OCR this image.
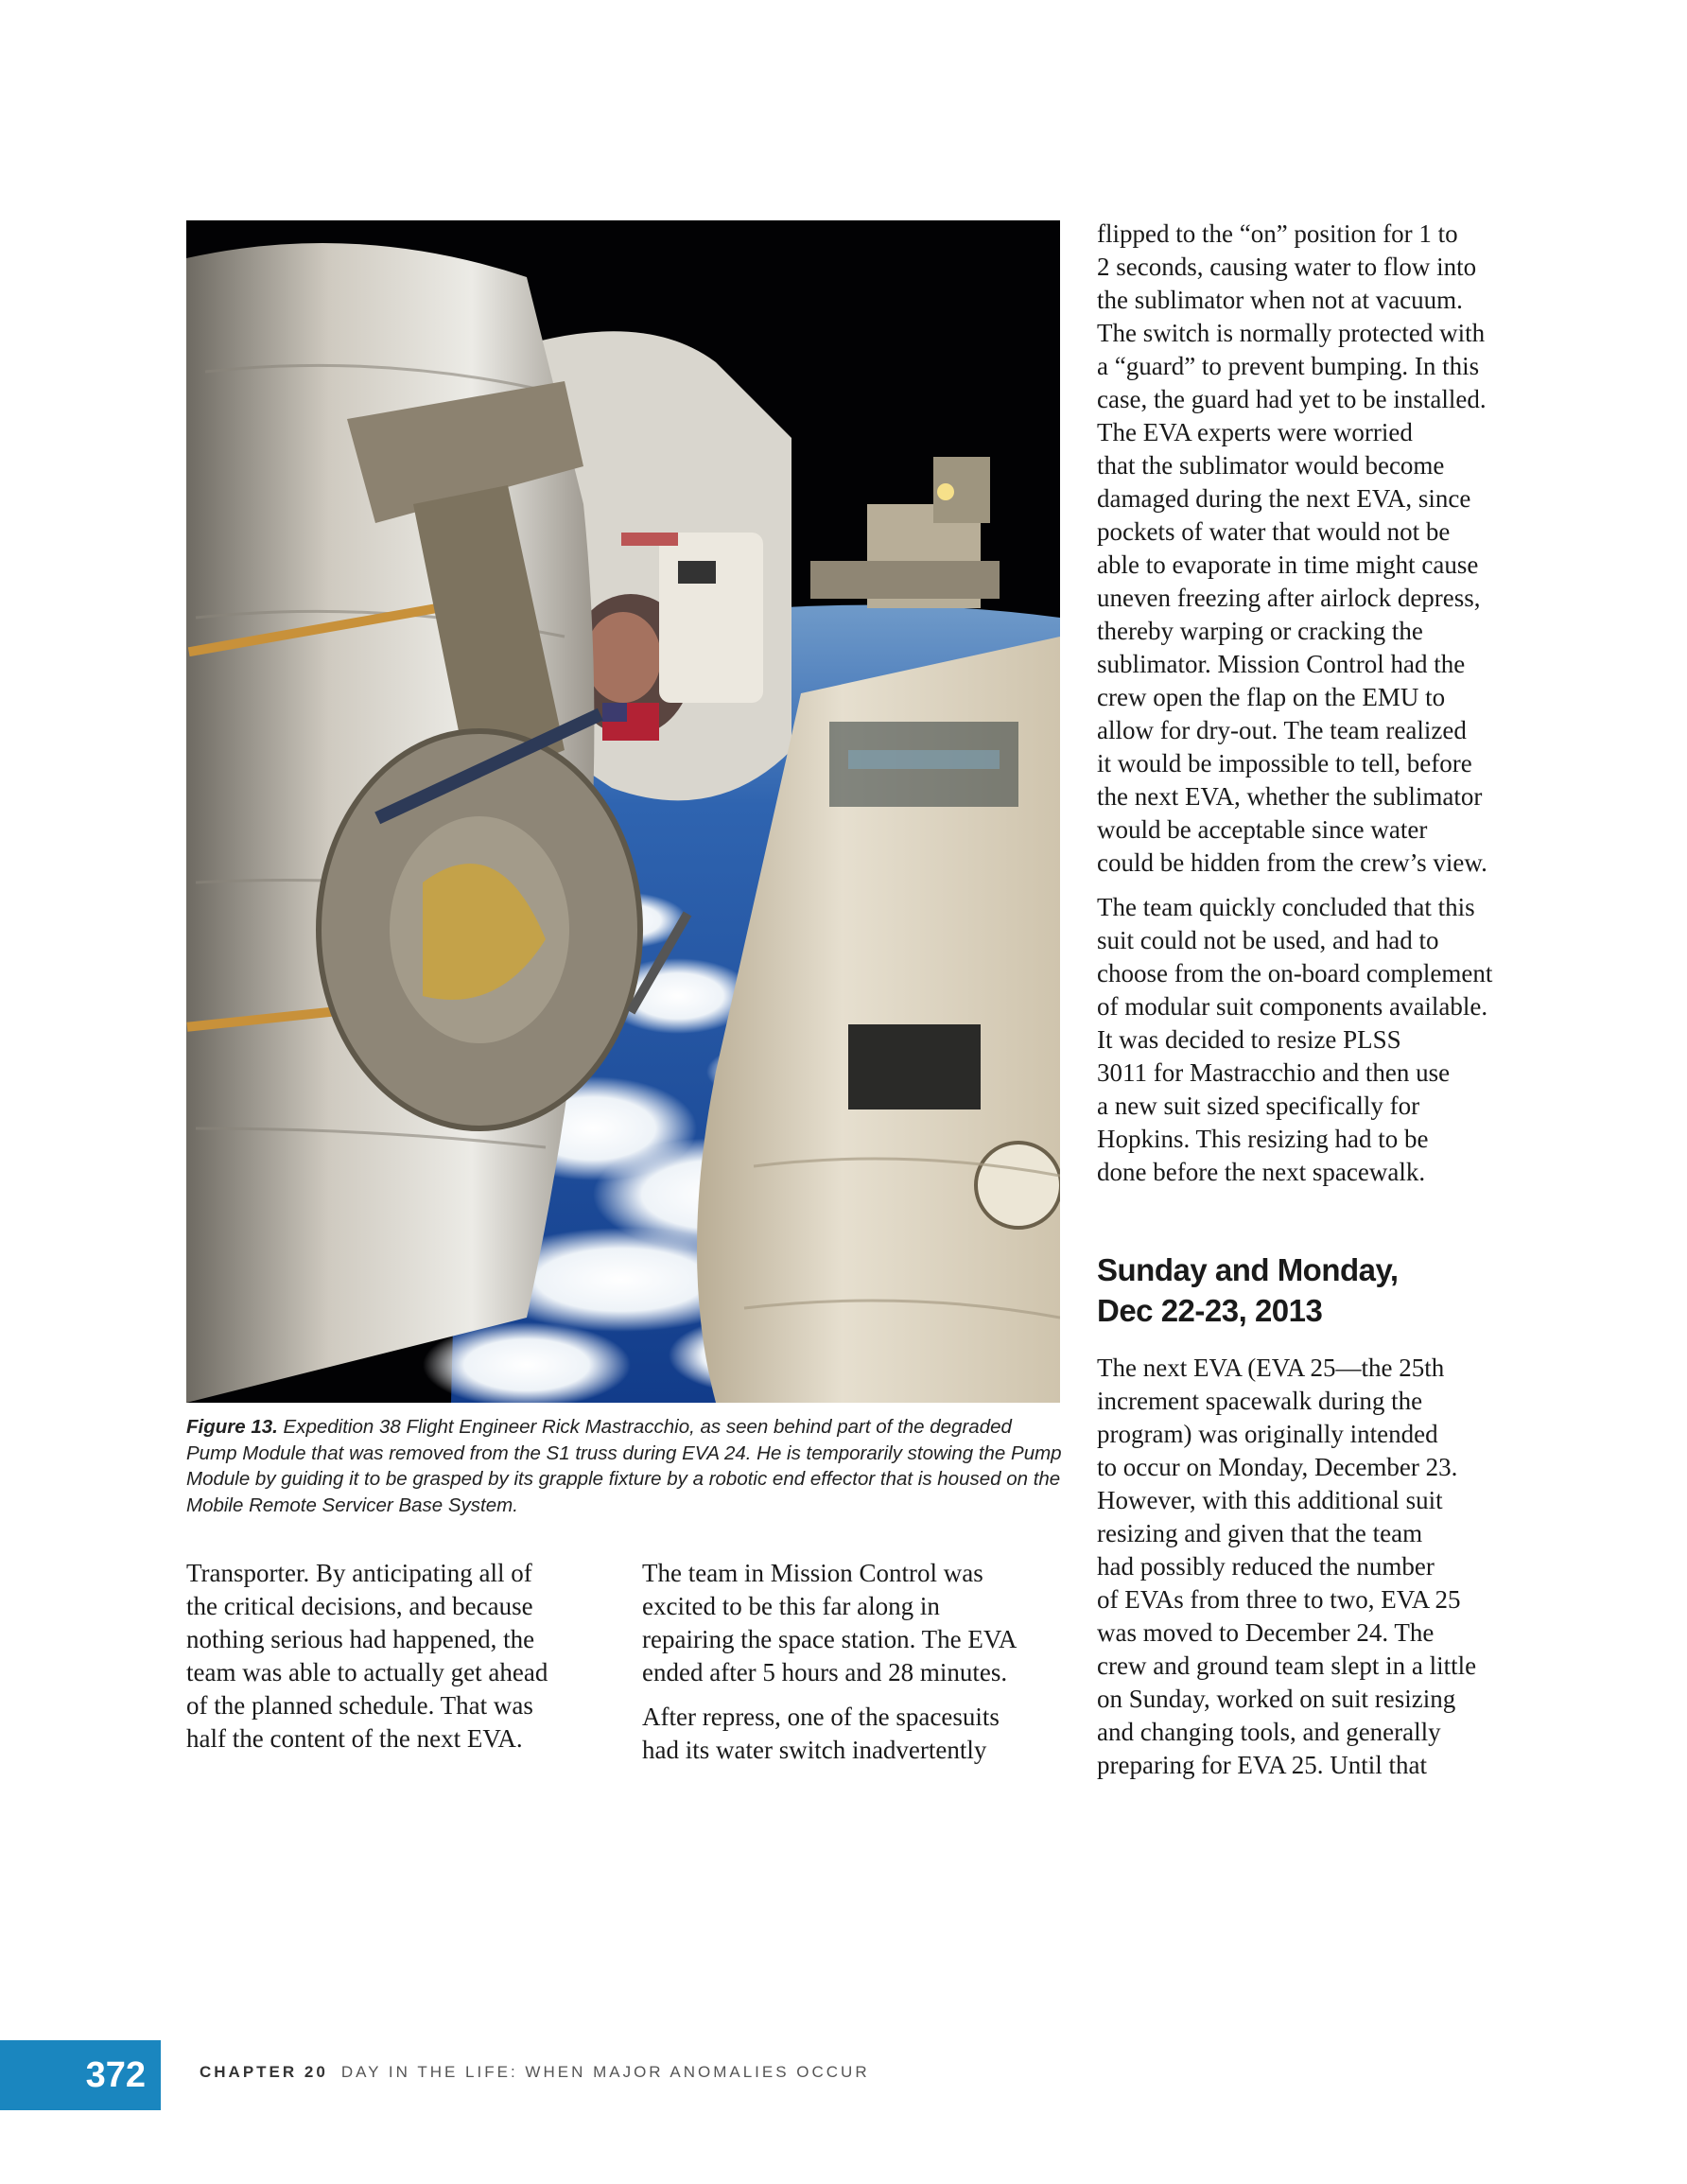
Figure 13. Expedition 38 Flight Engineer Rick Mastracchio, as seen behind part of the degraded Pump Module that was removed from the S1 truss during EVA 24. He is temporarily stowing the Pump Module by guiding it to be grasped by its grapple fixture by a robotic end effector that is housed on the Mobile Remote Servicer Base System.

Transporter. By anticipating all of
the critical decisions, and because
nothing serious had happened, the
team was able to actually get ahead
of the planned schedule. That was
half the content of the next EVA.

The team in Mission Control was
excited to be this far along in
repairing the space station. The EVA
ended after 5 hours and 28 minutes.

After repress, one of the spacesuits
had its water switch inadvertently

flipped to the “on” position for 1 to
2 seconds, causing water to flow into
the sublimator when not at vacuum.
The switch is normally protected with
a “guard” to prevent bumping. In this
case, the guard had yet to be installed.
The EVA experts were worried
that the sublimator would become
damaged during the next EVA, since
pockets of water that would not be
able to evaporate in time might cause
uneven freezing after airlock depress,
thereby warping or cracking the
sublimator. Mission Control had the
crew open the flap on the EMU to
allow for dry-out. The team realized
it would be impossible to tell, before
the next EVA, whether the sublimator
would be acceptable since water
could be hidden from the crew’s view.

The team quickly concluded that this
suit could not be used, and had to
choose from the on-board complement
of modular suit components available.
It was decided to resize PLSS
3011 for Mastracchio and then use
a new suit sized specifically for
Hopkins. This resizing had to be
done before the next spacewalk.

Sunday and Monday,
Dec 22-23, 2013

The next EVA (EVA 25—the 25th
increment spacewalk during the
program) was originally intended
to occur on Monday, December 23.
However, with this additional suit
resizing and given that the team
had possibly reduced the number
of EVAs from three to two, EVA 25
was moved to December 24. The
crew and ground team slept in a little
on Sunday, worked on suit resizing
and changing tools, and generally
preparing for EVA 25. Until that

372	CHAPTER 20 DAY IN THE LIFE: WHEN MAJOR ANOMALIES OCCUR
